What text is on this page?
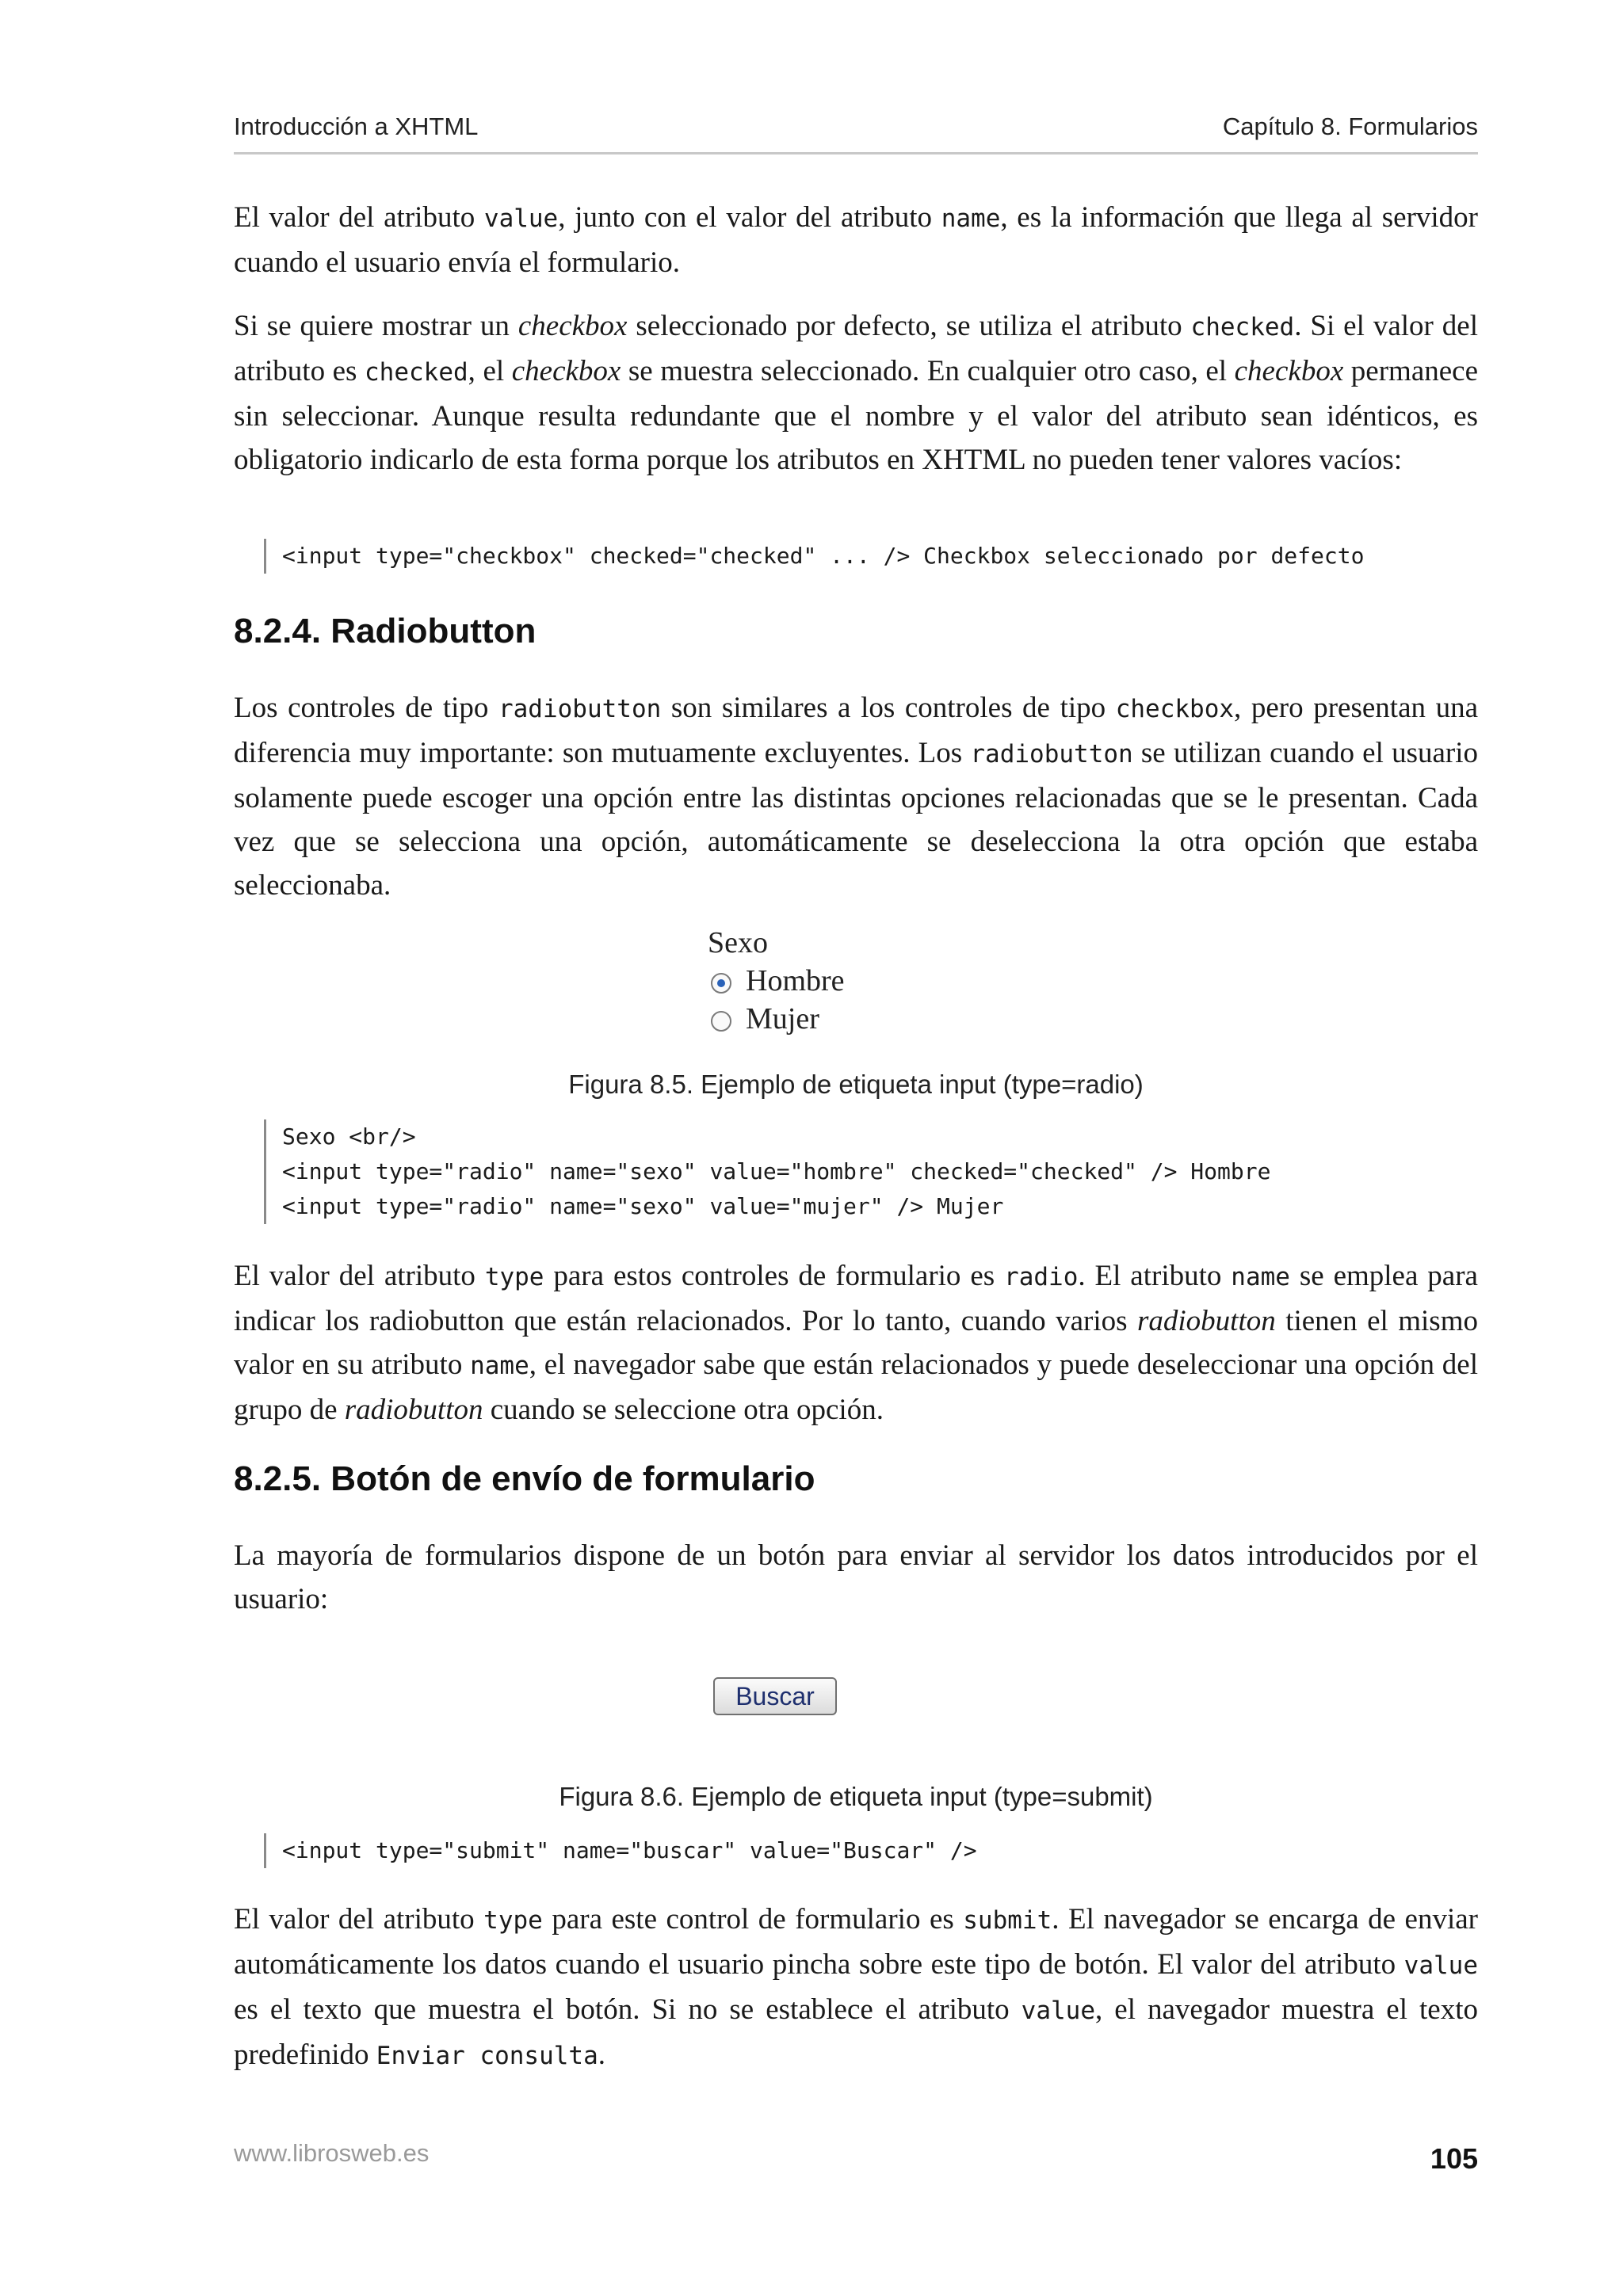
Introducción a XHTML	Capítulo 8. Formularios

El valor del atributo value, junto con el valor del atributo name, es la información que llega al servidor cuando el usuario envía el formulario.

Si se quiere mostrar un checkbox seleccionado por defecto, se utiliza el atributo checked. Si el valor del atributo es checked, el checkbox se muestra seleccionado. En cualquier otro caso, el checkbox permanece sin seleccionar. Aunque resulta redundante que el nombre y el valor del atributo sean idénticos, es obligatorio indicarlo de esta forma porque los atributos en XHTML no pueden tener valores vacíos:

<input type="checkbox" checked="checked" ... /> Checkbox seleccionado por defecto
8.2.4. Radiobutton

Los controles de tipo radiobutton son similares a los controles de tipo checkbox, pero presentan una diferencia muy importante: son mutuamente excluyentes. Los radiobutton se utilizan cuando el usuario solamente puede escoger una opción entre las distintas opciones relacionadas que se le presentan. Cada vez que se selecciona una opción, automáticamente se deselecciona la otra opción que estaba seleccionaba.

Sexo
Hombre
Mujer
Figura 8.5. Ejemplo de etiqueta input (type=radio)
Sexo <br/>
<input type="radio" name="sexo" value="hombre" checked="checked" /> Hombre
<input type="radio" name="sexo" value="mujer" /> Mujer

El valor del atributo type para estos controles de formulario es radio. El atributo name se emplea para indicar los radiobutton que están relacionados. Por lo tanto, cuando varios radiobutton tienen el mismo valor en su atributo name, el navegador sabe que están relacionados y puede deseleccionar una opción del grupo de radiobutton cuando se seleccione otra opción.

8.2.5. Botón de envío de formulario

La mayoría de formularios dispone de un botón para enviar al servidor los datos introducidos por el usuario:

Buscar
Figura 8.6. Ejemplo de etiqueta input (type=submit)
<input type="submit" name="buscar" value="Buscar" />

El valor del atributo type para este control de formulario es submit. El navegador se encarga de enviar automáticamente los datos cuando el usuario pincha sobre este tipo de botón. El valor del atributo value es el texto que muestra el botón. Si no se establece el atributo value, el navegador muestra el texto predefinido Enviar consulta.

www.librosweb.es	105
